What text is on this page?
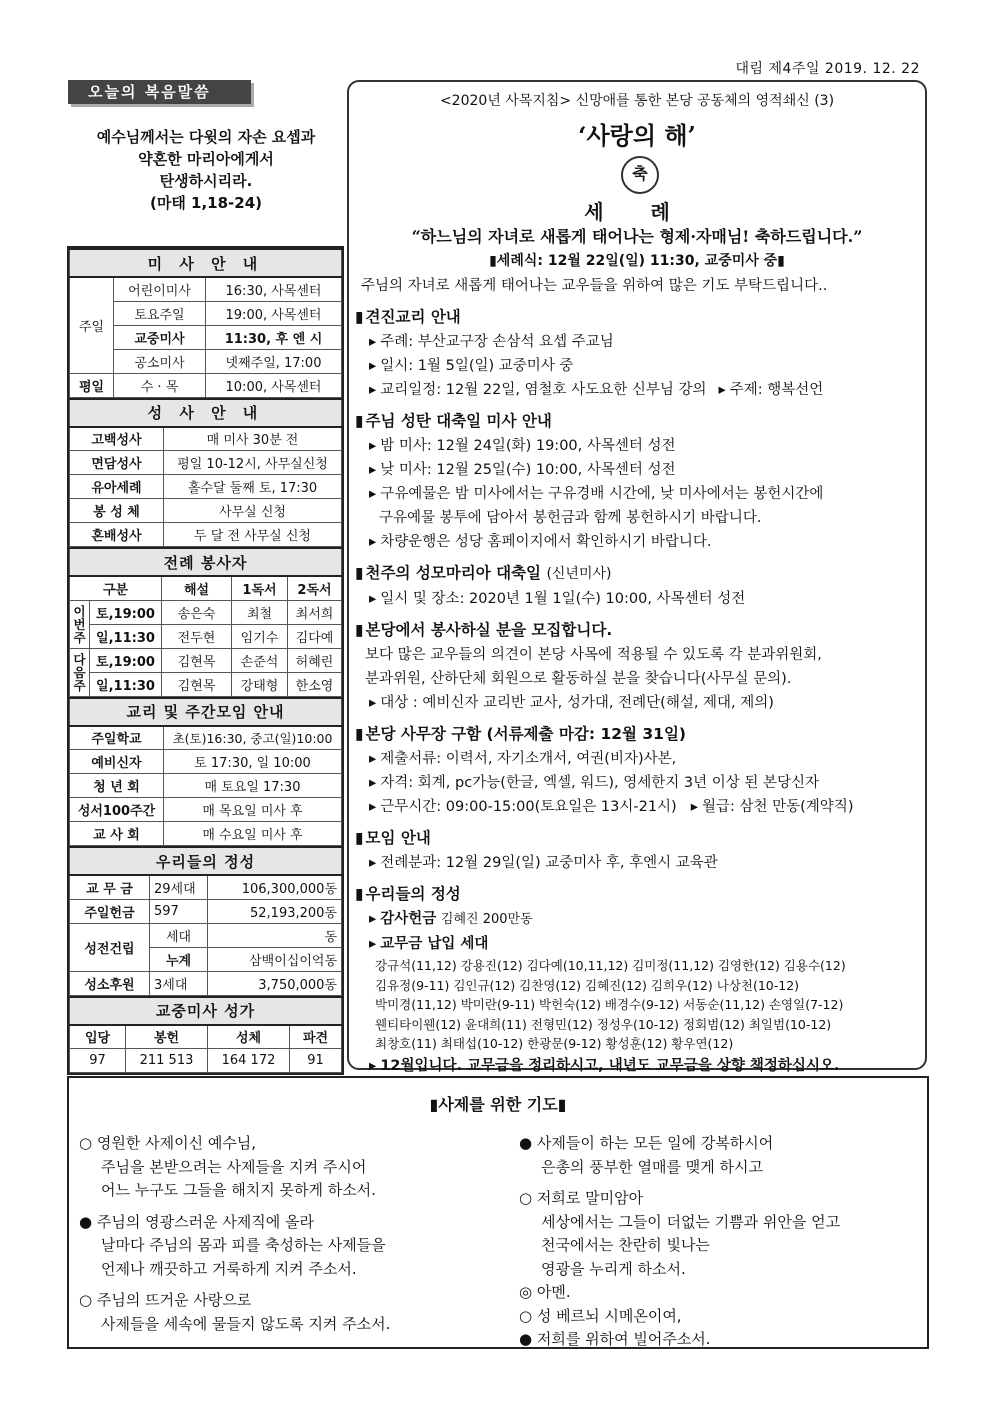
대림 제4주일 2019. 12. 22
오늘의 복음말씀
예수님께서는 다윗의 자손 요셉과
약혼한 마리아에게서
탄생하시리라.
(마태 1,18-24)
미 사 안 내		
주일	어린이미사	16:30, 사목센터
	토요주일	19:00, 사목센터
	교중미사	11:30, 후 엔 시
	공소미사	넷째주일, 17:00
평일	수 · 목	10:00, 사목센터
성 사 안 내	
고백성사	매 미사 30분 전
면담성사	평일 10-12시, 사무실신청
유아세례	홀수달 둘째 토, 17:30
봉 성 체	사무실 신청
혼배성사	두 달 전 사무실 신청
전례 봉사자				
구분		해설	1독서	2독서
이번주	토,19:00	송은숙	최철	최서희
	일,11:30	전두현	임기수	김다예
다음주	토,19:00	김현목	손준석	허혜린
	일,11:30	김현목	강태형	한소영
교리 및 주간모임 안내	
주일학교	초(토)16:30, 중고(일)10:00
예비신자	토 17:30, 일 10:00
청 년 회	매 토요일 17:30
성서100주간	매 목요일 미사 후
교 사 회	매 수요일 미사 후
우리들의 정성		
교 무 금	29세대	106,300,000동
주일헌금	597	52,193,200동
성전건립	세대	동
	누계	삼백이십이억동
성소후원	3세대	3,750,000동
교중미사 성가			
입당	봉헌	성체	파견
97	211 513	164 172	91
<2020년 사목지침> 신망애를 통한 본당 공동체의 영적쇄신 (3)
‘사랑의 해’
축
세 례
“하느님의 자녀로 새롭게 태어나는 형제·자매님! 축하드립니다.”
▮세례식: 12월 22일(일) 11:30, 교중미사 중▮
주님의 자녀로 새롭게 태어나는 교우들을 위하여 많은 기도 부탁드립니다..
▮ 견진교리 안내
▸ 주례: 부산교구장 손삼석 요셉 주교님
▸ 일시: 1월 5일(일) 교중미사 중
▸ 교리일정: 12월 22일, 염철호 사도요한 신부님 강의	▸ 주제: 행복선언
▮ 주님 성탄 대축일 미사 안내
▸ 밤 미사: 12월 24일(화) 19:00, 사목센터 성전
▸ 낮 미사: 12월 25일(수) 10:00, 사목센터 성전
▸ 구유예물은 밤 미사에서는 구유경배 시간에, 낮 미사에서는 봉헌시간에
구유예물 봉투에 담아서 봉헌금과 함께 봉헌하시기 바랍니다.
▸ 차량운행은 성당 홈페이지에서 확인하시기 바랍니다.
▮ 천주의 성모마리아 대축일 (신년미사)
▸ 일시 및 장소: 2020년 1월 1일(수) 10:00, 사목센터 성전
▮ 본당에서 봉사하실 분을 모집합니다.
보다 많은 교우들의 의견이 본당 사목에 적용될 수 있도록 각 분과위원회,
분과위원, 산하단체 회원으로 활동하실 분을 찾습니다(사무실 문의).
▸ 대상 : 예비신자 교리반 교사, 성가대, 전례단(해설, 제대, 제의)
▮ 본당 사무장 구함 (서류제출 마감: 12월 31일)
▸ 제출서류: 이력서, 자기소개서, 여권(비자)사본,
▸ 자격: 회계, pc가능(한글, 엑셀, 워드), 영세한지 3년 이상 된 본당신자
▸ 근무시간: 09:00-15:00(토요일은 13시-21시)	▸ 월급: 삼천 만동(계약직)
▮ 모임 안내
▸ 전례분과: 12월 29일(일) 교중미사 후, 후엔시 교육관
▮ 우리들의 정성
▸ 감사헌금 김혜진 200만동
▸ 교무금 납입 세대
강규석(11,12) 강용진(12) 김다예(10,11,12) 김미정(11,12) 김영한(12) 김용수(12)
김유정(9-11) 김인규(12) 김찬영(12) 김혜진(12) 김희우(12) 나상천(10-12)
박미경(11,12) 박미란(9-11) 박헌숙(12) 배경수(9-12) 서동순(11,12) 손영일(7-12)
웬티타이웬(12) 윤대희(11) 전형민(12) 정성우(10-12) 정회범(12) 최일범(10-12)
최창호(11) 최태섭(10-12) 한광문(9-12) 황성훈(12) 황우연(12)
▸ 12월입니다. 교무금을 정리하시고, 내년도 교무금을 상향 책정하십시오.
▮사제를 위한 기도▮
○ 영원한 사제이신 예수님,
주님을 본받으려는 사제들을 지켜 주시어
어느 누구도 그들을 해치지 못하게 하소서.
● 주님의 영광스러운 사제직에 올라
날마다 주님의 몸과 피를 축성하는 사제들을
언제나 깨끗하고 거룩하게 지켜 주소서.
○ 주님의 뜨거운 사랑으로
사제들을 세속에 물들지 않도록 지켜 주소서.
● 사제들이 하는 모든 일에 강복하시어
은총의 풍부한 열매를 맺게 하시고
○ 저희로 말미암아
세상에서는 그들이 더없는 기쁨과 위안을 얻고
천국에서는 찬란히 빛나는
영광을 누리게 하소서.
◎ 아멘.
○ 성 베르뇌 시메온이여,
● 저희를 위하여 빌어주소서.
